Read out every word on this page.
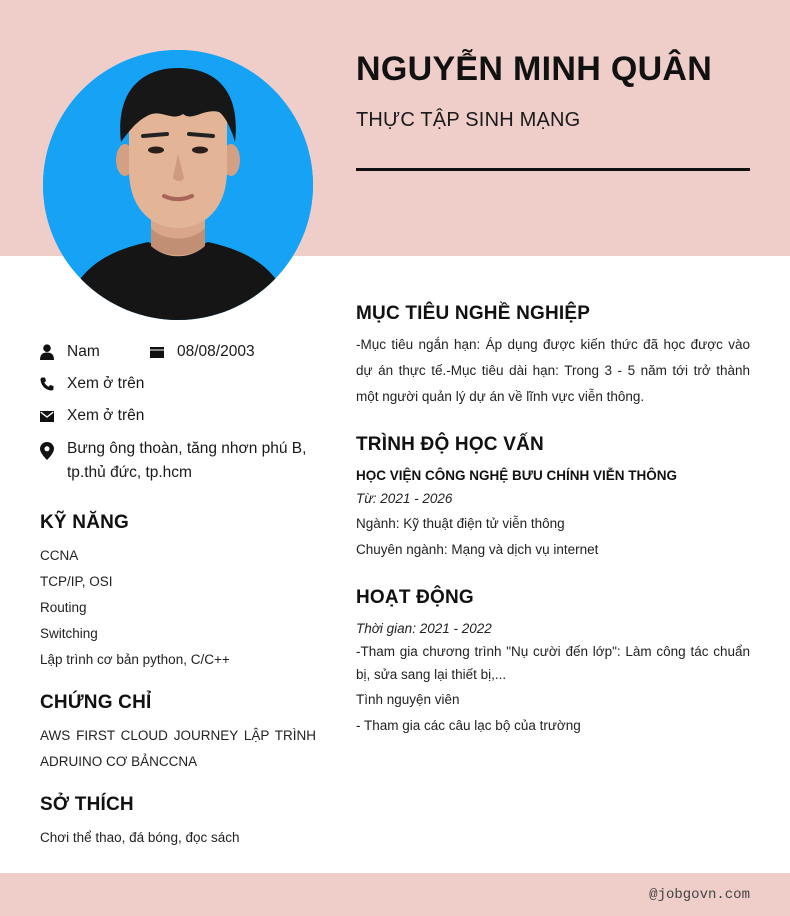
NGUYỄN MINH QUÂN
THỰC TẬP SINH MẠNG
Nam	08/08/2003
Xem ở trên
Xem ở trên
Bưng ông thoàn, tăng nhơn phú B,
tp.thủ đức, tp.hcm
KỸ NĂNG
CCNA
TCP/IP, OSI
Routing
Switching
Lập trình cơ bản python, C/C++
CHỨNG CHỈ
AWS FIRST CLOUD JOURNEY LẬP TRÌNH
ADRUINO CƠ BẢNCCNA
SỞ THÍCH
Chơi thể thao, đá bóng, đọc sách
MỤC TIÊU NGHỀ NGHIỆP
-Mục tiêu ngắn hạn: Áp dụng được kiến thức đã học được vào dự án thực tế.-Mục tiêu dài hạn: Trong 3 - 5 năm tới trở thành một người quản lý dự án về lĩnh vực viễn thông.
TRÌNH ĐỘ HỌC VẤN
HỌC VIỆN CÔNG NGHỆ BƯU CHÍNH VIỄN THÔNG
Từ: 2021 - 2026
Ngành: Kỹ thuật điện tử viễn thông
Chuyên ngành: Mạng và dịch vụ internet
HOẠT ĐỘNG
Thời gian: 2021 - 2022
-Tham gia chương trình "Nụ cười đến lớp": Làm công tác chuẩn bị, sửa sang lại thiết bị,...
Tình nguyện viên
- Tham gia các câu lạc bộ của trường
@jobgovn.com
